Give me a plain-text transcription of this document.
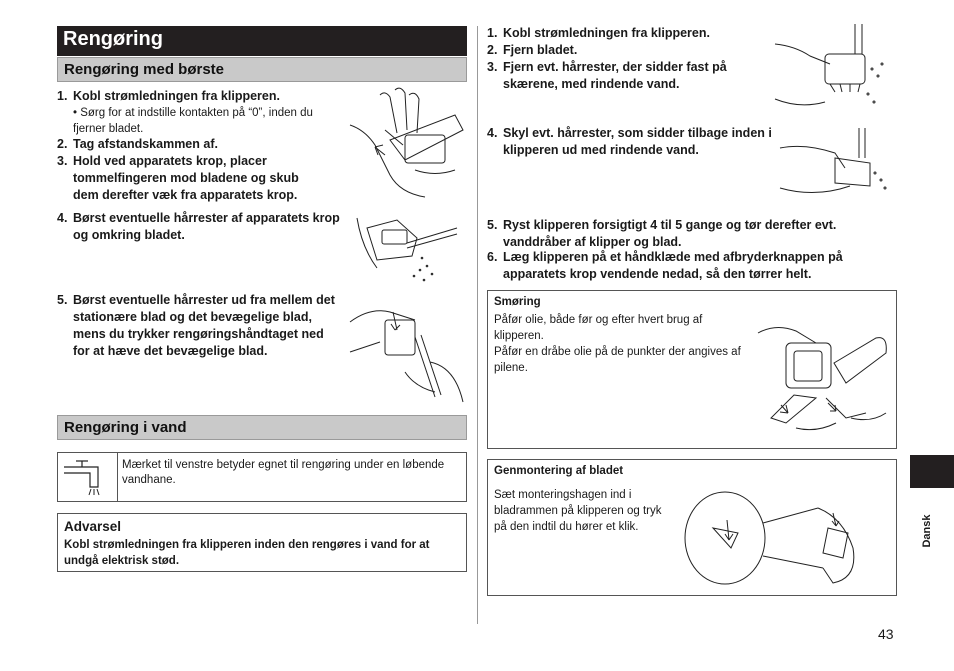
Rengøring
Rengøring med børste
1. Kobl strømledningen fra klipperen.
• Sørg for at indstille kontakten på “0”, inden du fjerner bladet.
2. Tag afstandskammen af.
3. Hold ved apparatets krop, placer tommelfingeren mod bladene og skub dem derefter væk fra apparatets krop.
4. Børst eventuelle hårrester af apparatets krop og omkring bladet.
5. Børst eventuelle hårrester ud fra mellem det stationære blad og det bevægelige blad, mens du trykker rengøringshåndtaget ned for at hæve det bevægelige blad.
Rengøring i vand
Mærket til venstre betyder egnet til rengøring under en løbende vandhane.
Advarsel
Kobl strømledningen fra klipperen inden den rengøres i vand for at undgå elektrisk stød.
1. Kobl strømledningen fra klipperen.
2. Fjern bladet.
3. Fjern evt. hårrester, der sidder fast på skærene, med rindende vand.
4. Skyl evt. hårrester, som sidder tilbage inden i klipperen ud med rindende vand.
5. Ryst klipperen forsigtigt 4 til 5 gange og tør derefter evt. vanddråber af klipper og blad.
6. Læg klipperen på et håndklæde med afbryderknappen på apparatets krop vendende nedad, så den tørrer helt.
Smøring
Påfør olie, både før og efter hvert brug af klipperen.
Påfør en dråbe olie på de punkter der angives af pilene.
Genmontering af bladet
Sæt monteringshagen ind i bladrammen på klipperen og tryk på den indtil du hører et klik.	Dansk
43
